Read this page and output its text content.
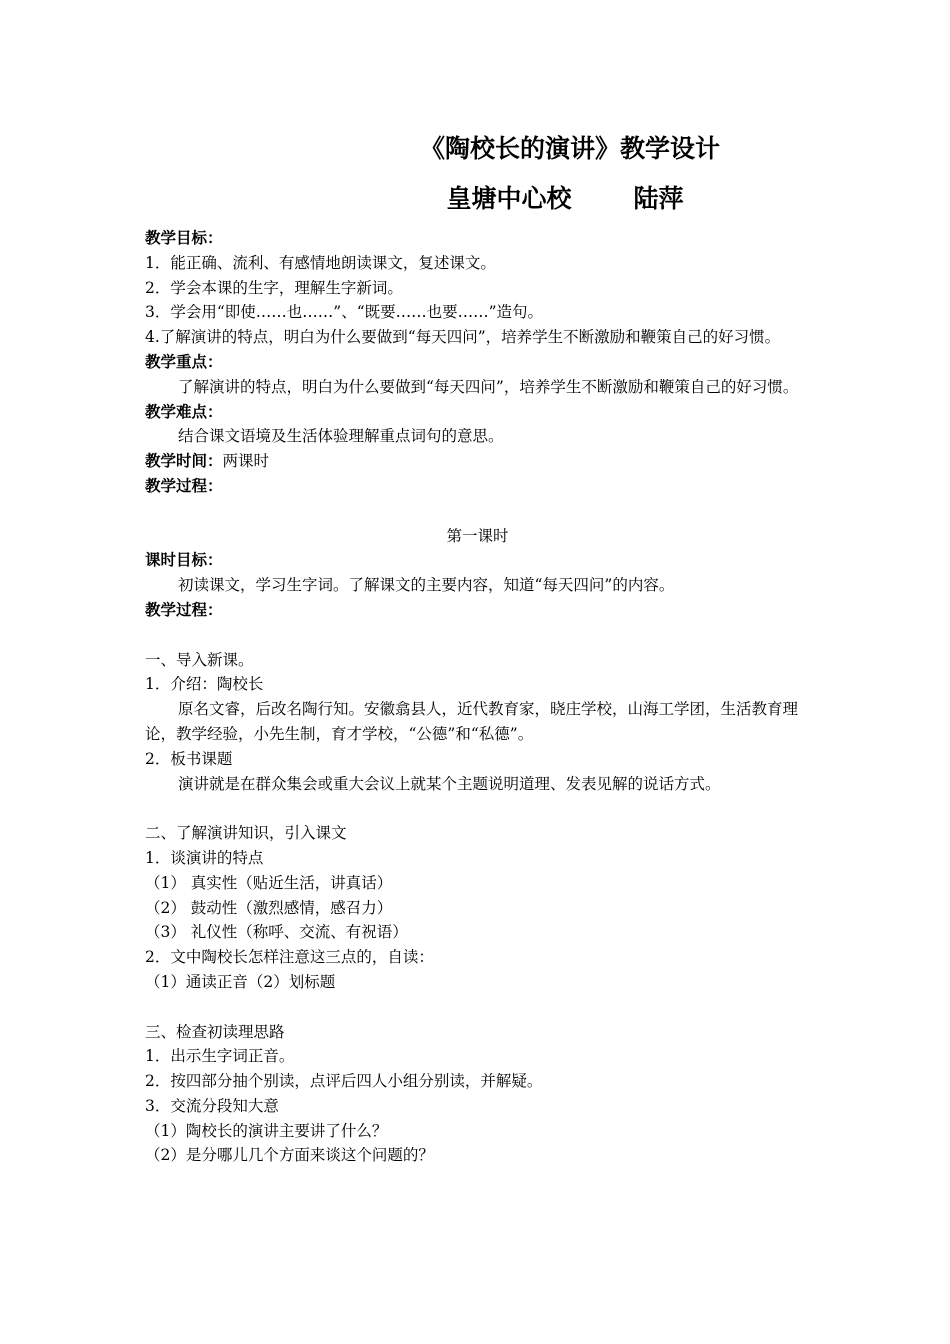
《陶校长的演讲》教学设计
皇塘中心校 陆萍
教学目标：
1．能正确、流利、有感情地朗读课文，复述课文。
2．学会本课的生字，理解生字新词。
3．学会用“即使……也……”、“既要……也要……”造句。
4.了解演讲的特点，明白为什么要做到“每天四问”，培养学生不断激励和鞭策自己的好习惯。
教学重点：
了解演讲的特点，明白为什么要做到“每天四问”，培养学生不断激励和鞭策自己的好习惯。
教学难点：
结合课文语境及生活体验理解重点词句的意思。
教学时间：两课时
教学过程：
第一课时
课时目标：
初读课文，学习生字词。了解课文的主要内容，知道“每天四问”的内容。
教学过程：
一、导入新课。
1．介绍：陶校长
原名文睿，后改名陶行知。安徽翕县人，近代教育家，晓庄学校，山海工学团，生活教育理论，教学经验，小先生制，育才学校，“公德”和“私德”。
2．板书课题
演讲就是在群众集会或重大会议上就某个主题说明道理、发表见解的说话方式。
二、了解演讲知识，引入课文
1．谈演讲的特点
（1） 真实性（贴近生活，讲真话）
（2） 鼓动性（激烈感情，感召力）
（3） 礼仪性（称呼、交流、有祝语）
2．文中陶校长怎样注意这三点的，自读：
（1）通读正音（2）划标题
三、检查初读理思路
1．出示生字词正音。
2．按四部分抽个别读，点评后四人小组分别读，并解疑。
3．交流分段知大意
（1）陶校长的演讲主要讲了什么？
（2）是分哪儿几个方面来谈这个问题的？
